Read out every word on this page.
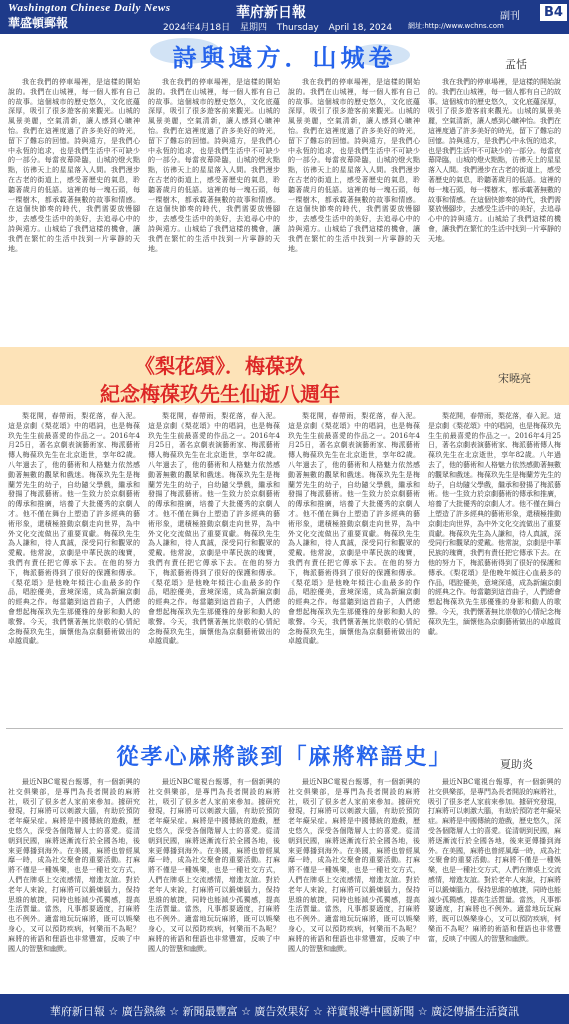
Washington Chinese Daily News
華盛頓郵報
華府新日報
2024年4月18日 星期四 Thursday April 18, 2024	網址:http://www.wchns.com
副刊	B4
詩與遠方．山城卷	孟恬

我在我們的停車場裡，是這樣的開始說的。我們在山城裡，每一個人都有自己的故事。這個城市的歷史悠久，文化底蘊深厚，吸引了很多遊客前來觀光。山城的風景美麗，空氣清新，讓人感到心曠神怡。我們在這裡度過了許多美好的時光，留下了難忘的回憶。詩與遠方，是我們心中永恆的追求，也是我們生活中不可缺少的一部分。每當夜幕降臨，山城的燈火點點，彷彿天上的星星落入人間。我們漫步在古老的街道上，感受著歷史的氣息，聆聽著歲月的低語。這裡的每一塊石頭，每一棵樹木，都承載著無數的故事和情感。在這個快節奏的時代，我們需要放慢腳步，去感受生活中的美好，去追尋心中的詩與遠方。山城給了我們這樣的機會，讓我們在繁忙的生活中找到一片寧靜的天地。

我在我們的停車場裡，是這樣的開始說的。我們在山城裡，每一個人都有自己的故事。這個城市的歷史悠久，文化底蘊深厚，吸引了很多遊客前來觀光。山城的風景美麗，空氣清新，讓人感到心曠神怡。我們在這裡度過了許多美好的時光，留下了難忘的回憶。詩與遠方，是我們心中永恆的追求，也是我們生活中不可缺少的一部分。每當夜幕降臨，山城的燈火點點，彷彿天上的星星落入人間。我們漫步在古老的街道上，感受著歷史的氣息，聆聽著歲月的低語。這裡的每一塊石頭，每一棵樹木，都承載著無數的故事和情感。在這個快節奏的時代，我們需要放慢腳步，去感受生活中的美好，去追尋心中的詩與遠方。山城給了我們這樣的機會，讓我們在繁忙的生活中找到一片寧靜的天地。

我在我們的停車場裡，是這樣的開始說的。我們在山城裡，每一個人都有自己的故事。這個城市的歷史悠久，文化底蘊深厚，吸引了很多遊客前來觀光。山城的風景美麗，空氣清新，讓人感到心曠神怡。我們在這裡度過了許多美好的時光，留下了難忘的回憶。詩與遠方，是我們心中永恆的追求，也是我們生活中不可缺少的一部分。每當夜幕降臨，山城的燈火點點，彷彿天上的星星落入人間。我們漫步在古老的街道上，感受著歷史的氣息，聆聽著歲月的低語。這裡的每一塊石頭，每一棵樹木，都承載著無數的故事和情感。在這個快節奏的時代，我們需要放慢腳步，去感受生活中的美好，去追尋心中的詩與遠方。山城給了我們這樣的機會，讓我們在繁忙的生活中找到一片寧靜的天地。

我在我們的停車場裡，是這樣的開始說的。我們在山城裡，每一個人都有自己的故事。這個城市的歷史悠久，文化底蘊深厚，吸引了很多遊客前來觀光。山城的風景美麗，空氣清新，讓人感到心曠神怡。我們在這裡度過了許多美好的時光，留下了難忘的回憶。詩與遠方，是我們心中永恆的追求，也是我們生活中不可缺少的一部分。每當夜幕降臨，山城的燈火點點，彷彿天上的星星落入人間。我們漫步在古老的街道上，感受著歷史的氣息，聆聽著歲月的低語。這裡的每一塊石頭，每一棵樹木，都承載著無數的故事和情感。在這個快節奏的時代，我們需要放慢腳步，去感受生活中的美好，去追尋心中的詩與遠方。山城給了我們這樣的機會，讓我們在繁忙的生活中找到一片寧靜的天地。

《梨花頌》．梅葆玖
紀念梅葆玖先生仙逝八週年
宋曉亮

梨花開，春帶雨，梨花落，春入泥。這是京劇《梨花頌》中的唱詞，也是梅葆玖先生生前最喜愛的作品之一。2016年4月25日，著名京劇表演藝術家、梅派藝術傳人梅葆玖先生在北京逝世，享年82歲。八年過去了，他的藝術和人格魅力依然感動著無數的觀眾和戲迷。梅葆玖先生是梅蘭芳先生的幼子，自幼隨父學戲，繼承和發揚了梅派藝術。他一生致力於京劇藝術的傳承和推廣，培養了大批優秀的京劇人才。他不僅在舞台上塑造了許多經典的藝術形象，還積極推動京劇走向世界，為中外文化交流做出了重要貢獻。梅葆玖先生為人謙和，待人真誠，深受同行和觀眾的愛戴。他常說，京劇是中華民族的瑰寶，我們有責任把它傳承下去。在他的努力下，梅派藝術得到了很好的保護和傳承。《梨花頌》是他晚年傾注心血最多的作品，唱腔優美，意境深遠，成為新編京劇的經典之作。每當聽到這首曲子，人們總會想起梅葆玖先生那優雅的身影和動人的歌聲。今天，我們懷著無比崇敬的心情紀念梅葆玖先生，緬懷他為京劇藝術做出的卓越貢獻。

梨花開，春帶雨，梨花落，春入泥。這是京劇《梨花頌》中的唱詞，也是梅葆玖先生生前最喜愛的作品之一。2016年4月25日，著名京劇表演藝術家、梅派藝術傳人梅葆玖先生在北京逝世，享年82歲。八年過去了，他的藝術和人格魅力依然感動著無數的觀眾和戲迷。梅葆玖先生是梅蘭芳先生的幼子，自幼隨父學戲，繼承和發揚了梅派藝術。他一生致力於京劇藝術的傳承和推廣，培養了大批優秀的京劇人才。他不僅在舞台上塑造了許多經典的藝術形象，還積極推動京劇走向世界，為中外文化交流做出了重要貢獻。梅葆玖先生為人謙和，待人真誠，深受同行和觀眾的愛戴。他常說，京劇是中華民族的瑰寶，我們有責任把它傳承下去。在他的努力下，梅派藝術得到了很好的保護和傳承。《梨花頌》是他晚年傾注心血最多的作品，唱腔優美，意境深遠，成為新編京劇的經典之作。每當聽到這首曲子，人們總會想起梅葆玖先生那優雅的身影和動人的歌聲。今天，我們懷著無比崇敬的心情紀念梅葆玖先生，緬懷他為京劇藝術做出的卓越貢獻。

梨花開，春帶雨，梨花落，春入泥。這是京劇《梨花頌》中的唱詞，也是梅葆玖先生生前最喜愛的作品之一。2016年4月25日，著名京劇表演藝術家、梅派藝術傳人梅葆玖先生在北京逝世，享年82歲。八年過去了，他的藝術和人格魅力依然感動著無數的觀眾和戲迷。梅葆玖先生是梅蘭芳先生的幼子，自幼隨父學戲，繼承和發揚了梅派藝術。他一生致力於京劇藝術的傳承和推廣，培養了大批優秀的京劇人才。他不僅在舞台上塑造了許多經典的藝術形象，還積極推動京劇走向世界，為中外文化交流做出了重要貢獻。梅葆玖先生為人謙和，待人真誠，深受同行和觀眾的愛戴。他常說，京劇是中華民族的瑰寶，我們有責任把它傳承下去。在他的努力下，梅派藝術得到了很好的保護和傳承。《梨花頌》是他晚年傾注心血最多的作品，唱腔優美，意境深遠，成為新編京劇的經典之作。每當聽到這首曲子，人們總會想起梅葆玖先生那優雅的身影和動人的歌聲。今天，我們懷著無比崇敬的心情紀念梅葆玖先生，緬懷他為京劇藝術做出的卓越貢獻。

梨花開，春帶雨，梨花落，春入泥。這是京劇《梨花頌》中的唱詞，也是梅葆玖先生生前最喜愛的作品之一。2016年4月25日，著名京劇表演藝術家、梅派藝術傳人梅葆玖先生在北京逝世，享年82歲。八年過去了，他的藝術和人格魅力依然感動著無數的觀眾和戲迷。梅葆玖先生是梅蘭芳先生的幼子，自幼隨父學戲，繼承和發揚了梅派藝術。他一生致力於京劇藝術的傳承和推廣，培養了大批優秀的京劇人才。他不僅在舞台上塑造了許多經典的藝術形象，還積極推動京劇走向世界，為中外文化交流做出了重要貢獻。梅葆玖先生為人謙和，待人真誠，深受同行和觀眾的愛戴。他常說，京劇是中華民族的瑰寶，我們有責任把它傳承下去。在他的努力下，梅派藝術得到了很好的保護和傳承。《梨花頌》是他晚年傾注心血最多的作品，唱腔優美，意境深遠，成為新編京劇的經典之作。每當聽到這首曲子，人們總會想起梅葆玖先生那優雅的身影和動人的歌聲。今天，我們懷著無比崇敬的心情紀念梅葆玖先生，緬懷他為京劇藝術做出的卓越貢獻。

從孝心麻將談到「麻將粹語史」	夏助炎

最近NBC電視台報導，有一個新興的社交俱樂部，是專門為長者開設的麻將社，吸引了很多老人家前來參加。據研究發現，打麻將可以刺激大腦，有助於預防老年癡呆症。麻將是中國傳統的遊戲，歷史悠久，深受各個階層人士的喜愛。從清朝到民國，麻將逐漸流行於全國各地，後來更傳播到海外。在美國，麻將也曾經風靡一時，成為社交聚會的重要活動。打麻將不僅是一種娛樂，也是一種社交方式，人們在牌桌上交流感情，增進友誼。對於老年人來說，打麻將可以鍛煉腦力，保持思維的敏捷，同時也能減少孤獨感，提高生活質量。當然，凡事都要適度，打麻將也不例外。適當地玩玩麻將，既可以娛樂身心，又可以預防疾病，何樂而不為呢？麻將的術語和俚語也非常豐富，反映了中國人的智慧和幽默。

最近NBC電視台報導，有一個新興的社交俱樂部，是專門為長者開設的麻將社，吸引了很多老人家前來參加。據研究發現，打麻將可以刺激大腦，有助於預防老年癡呆症。麻將是中國傳統的遊戲，歷史悠久，深受各個階層人士的喜愛。從清朝到民國，麻將逐漸流行於全國各地，後來更傳播到海外。在美國，麻將也曾經風靡一時，成為社交聚會的重要活動。打麻將不僅是一種娛樂，也是一種社交方式，人們在牌桌上交流感情，增進友誼。對於老年人來說，打麻將可以鍛煉腦力，保持思維的敏捷，同時也能減少孤獨感，提高生活質量。當然，凡事都要適度，打麻將也不例外。適當地玩玩麻將，既可以娛樂身心，又可以預防疾病，何樂而不為呢？麻將的術語和俚語也非常豐富，反映了中國人的智慧和幽默。

最近NBC電視台報導，有一個新興的社交俱樂部，是專門為長者開設的麻將社，吸引了很多老人家前來參加。據研究發現，打麻將可以刺激大腦，有助於預防老年癡呆症。麻將是中國傳統的遊戲，歷史悠久，深受各個階層人士的喜愛。從清朝到民國，麻將逐漸流行於全國各地，後來更傳播到海外。在美國，麻將也曾經風靡一時，成為社交聚會的重要活動。打麻將不僅是一種娛樂，也是一種社交方式，人們在牌桌上交流感情，增進友誼。對於老年人來說，打麻將可以鍛煉腦力，保持思維的敏捷，同時也能減少孤獨感，提高生活質量。當然，凡事都要適度，打麻將也不例外。適當地玩玩麻將，既可以娛樂身心，又可以預防疾病，何樂而不為呢？麻將的術語和俚語也非常豐富，反映了中國人的智慧和幽默。

最近NBC電視台報導，有一個新興的社交俱樂部，是專門為長者開設的麻將社，吸引了很多老人家前來參加。據研究發現，打麻將可以刺激大腦，有助於預防老年癡呆症。麻將是中國傳統的遊戲，歷史悠久，深受各個階層人士的喜愛。從清朝到民國，麻將逐漸流行於全國各地，後來更傳播到海外。在美國，麻將也曾經風靡一時，成為社交聚會的重要活動。打麻將不僅是一種娛樂，也是一種社交方式，人們在牌桌上交流感情，增進友誼。對於老年人來說，打麻將可以鍛煉腦力，保持思維的敏捷，同時也能減少孤獨感，提高生活質量。當然，凡事都要適度，打麻將也不例外。適當地玩玩麻將，既可以娛樂身心，又可以預防疾病，何樂而不為呢？麻將的術語和俚語也非常豐富，反映了中國人的智慧和幽默。

華府新日報 ☆ 廣告熱線 ☆ 新聞最豐富 ☆ 廣告效果好 ☆ 祥實報導中國新聞 ☆ 廣泛傳播生活資訊
